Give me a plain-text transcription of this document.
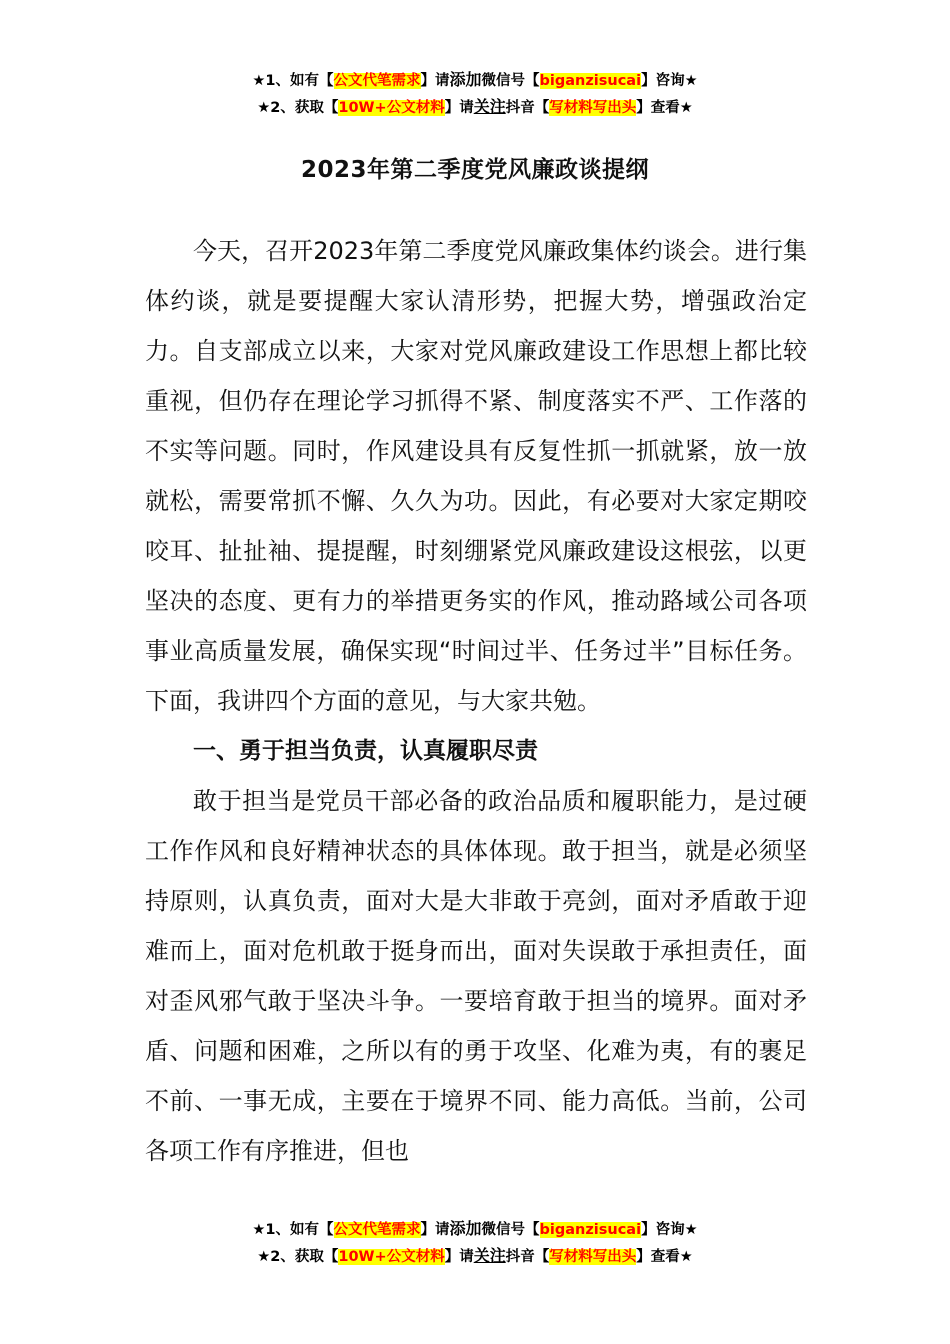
★1、如有【公文代笔需求】请添加微信号【biganzisucai】咨询★
★2、获取【10W+公文材料】请关注抖音【写材料写出头】查看★
2023年第二季度党风廉政谈提纲

今天，召开2023年第二季度党风廉政集体约谈会。进行集体约谈，就是要提醒大家认清形势，把握大势，增强政治定力。自支部成立以来，大家对党风廉政建设工作思想上都比较重视，但仍存在理论学习抓得不紧、制度落实不严、工作落的不实等问题。同时，作风建设具有反复性抓一抓就紧，放一放就松，需要常抓不懈、久久为功。因此，有必要对大家定期咬咬耳、扯扯袖、提提醒，时刻绷紧党风廉政建设这根弦，以更坚决的态度、更有力的举措更务实的作风，推动路域公司各项事业高质量发展，确保实现“时间过半、任务过半”目标任务。下面，我讲四个方面的意见，与大家共勉。

一、勇于担当负责，认真履职尽责

敢于担当是党员干部必备的政治品质和履职能力，是过硬工作作风和良好精神状态的具体体现。敢于担当，就是必须坚持原则，认真负责，面对大是大非敢于亮剑，面对矛盾敢于迎难而上，面对危机敢于挺身而出，面对失误敢于承担责任，面对歪风邪气敢于坚决斗争。一要培育敢于担当的境界。面对矛盾、问题和困难，之所以有的勇于攻坚、化难为夷，有的裹足不前、一事无成，主要在于境界不同、能力高低。当前，公司各项工作有序推进，但也

★1、如有【公文代笔需求】请添加微信号【biganzisucai】咨询★
★2、获取【10W+公文材料】请关注抖音【写材料写出头】查看★
